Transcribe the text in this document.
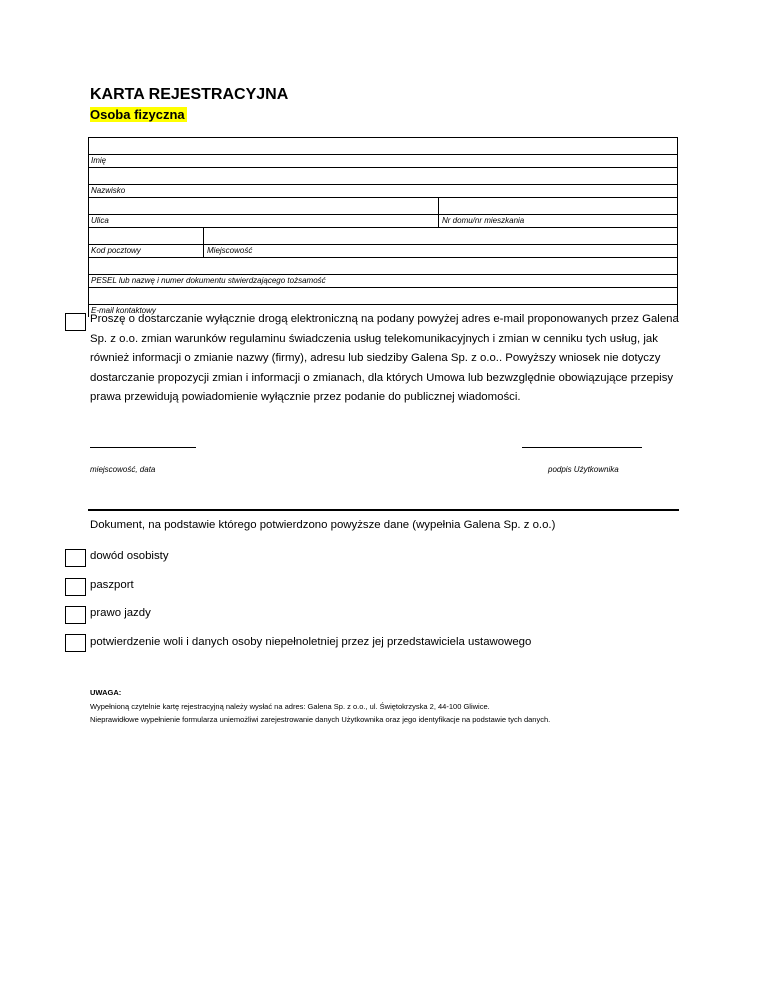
KARTA REJESTRACYJNA
Osoba fizyczna
Imię
Nazwisko
Ulica	Nr domu/nr mieszkania
Kod pocztowy	Miejscowość
PESEL lub nazwę i numer dokumentu stwierdzającego tożsamość
E-mail kontaktowy
Proszę o dostarczanie wyłącznie drogą elektroniczną na podany powyżej adres e-mail proponowanych przez Galena Sp. z o.o. zmian warunków regulaminu świadczenia usług telekomunikacyjnych i zmian w cenniku tych usług, jak również informacji o zmianie nazwy (firmy), adresu lub siedziby Galena Sp. z o.o.. Powyższy wniosek nie dotyczy dostarczanie propozycji zmian i informacji o zmianach, dla których Umowa lub bezwzględnie obowiązujące przepisy prawa przewidują powiadomienie wyłącznie przez podanie do publicznej wiadomości.
miejscowość, data	podpis Użytkownika
Dokument, na podstawie którego potwierdzono powyższe dane (wypełnia Galena Sp. z o.o.)
dowód osobisty
paszport
prawo jazdy
potwierdzenie woli i danych osoby niepełnoletniej przez jej przedstawiciela ustawowego
UWAGA:
Wypełnioną czytelnie kartę rejestracyjną należy wysłać na adres: Galena Sp. z o.o., ul. Świętokrzyska 2, 44-100 Gliwice.
Nieprawidłowe wypełnienie formularza uniemożliwi zarejestrowanie danych Użytkownika oraz jego identyfikacje na podstawie tych danych.
